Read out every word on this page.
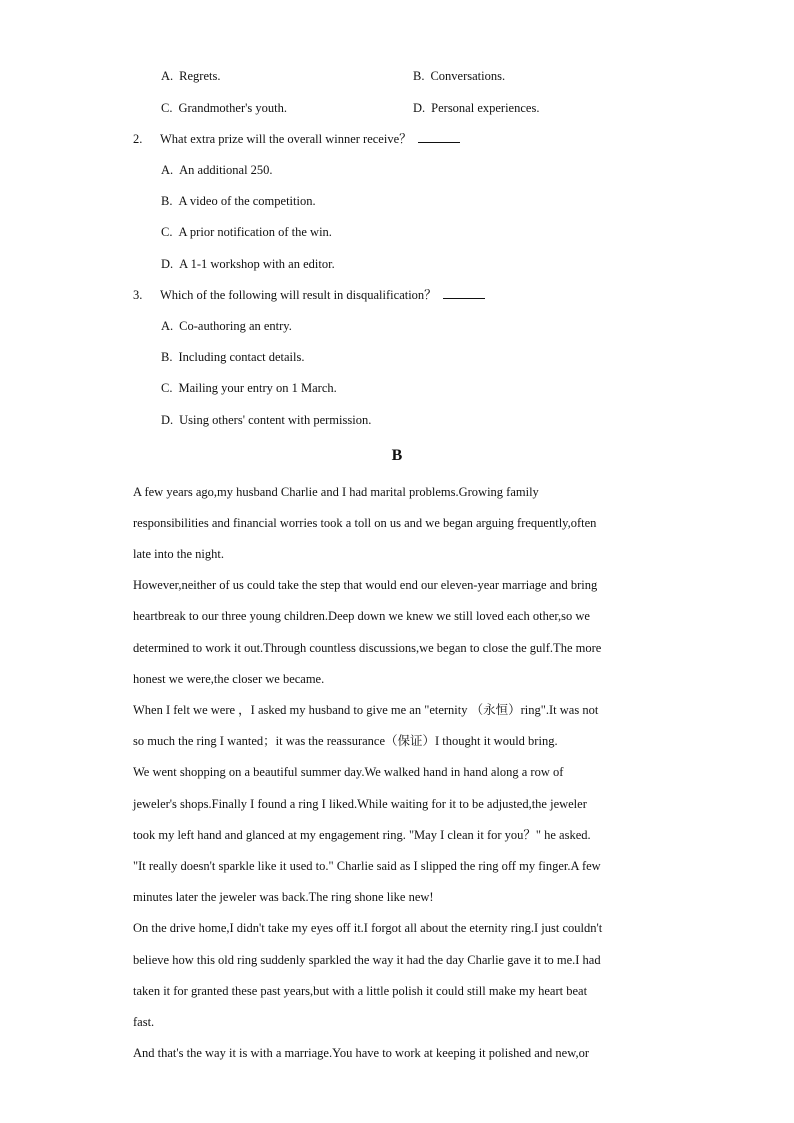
A. Regrets.	B. Conversations.
C. Grandmother's youth.	D. Personal experiences.
2. What extra prize will the overall winner receive？
A. An additional 250.
B. A video of the competition.
C. A prior notification of the win.
D. A 1-1 workshop with an editor.
3. Which of the following will result in disqualification？
A. Co-authoring an entry.
B. Including contact details.
C. Mailing your entry on 1 March.
D. Using others' content with permission.
B
A few years ago,my husband Charlie and I had marital problems.Growing family
responsibilities and financial worries took a toll on us and we began arguing frequently,often
late into the night.
However,neither of us could take the step that would end our eleven-year marriage and bring
heartbreak to our three young children.Deep down we knew we still loved each other,so we
determined to work it out.Through countless discussions,we began to close the gulf.The more
honest we were,the closer we became.
When I felt we were ，I asked my husband to give me an "eternity （永恒）ring".It was not
so much the ring I wanted；it was the reassurance（保证）I thought it would bring.
We went shopping on a beautiful summer day.We walked hand in hand along a row of
jeweler's shops.Finally I found a ring I liked.While waiting for it to be adjusted,the jeweler
took my left hand and glanced at my engagement ring. "May I clean it for you？" he asked.
"It really doesn't sparkle like it used to." Charlie said as I slipped the ring off my finger.A few
minutes later the jeweler was back.The ring shone like new!
On the drive home,I didn't take my eyes off it.I forgot all about the eternity ring.I just couldn't
believe how this old ring suddenly sparkled the way it had the day Charlie gave it to me.I had
taken it for granted these past years,but with a little polish it could still make my heart beat
fast.
And that's the way it is with a marriage.You have to work at keeping it polished and new,or
